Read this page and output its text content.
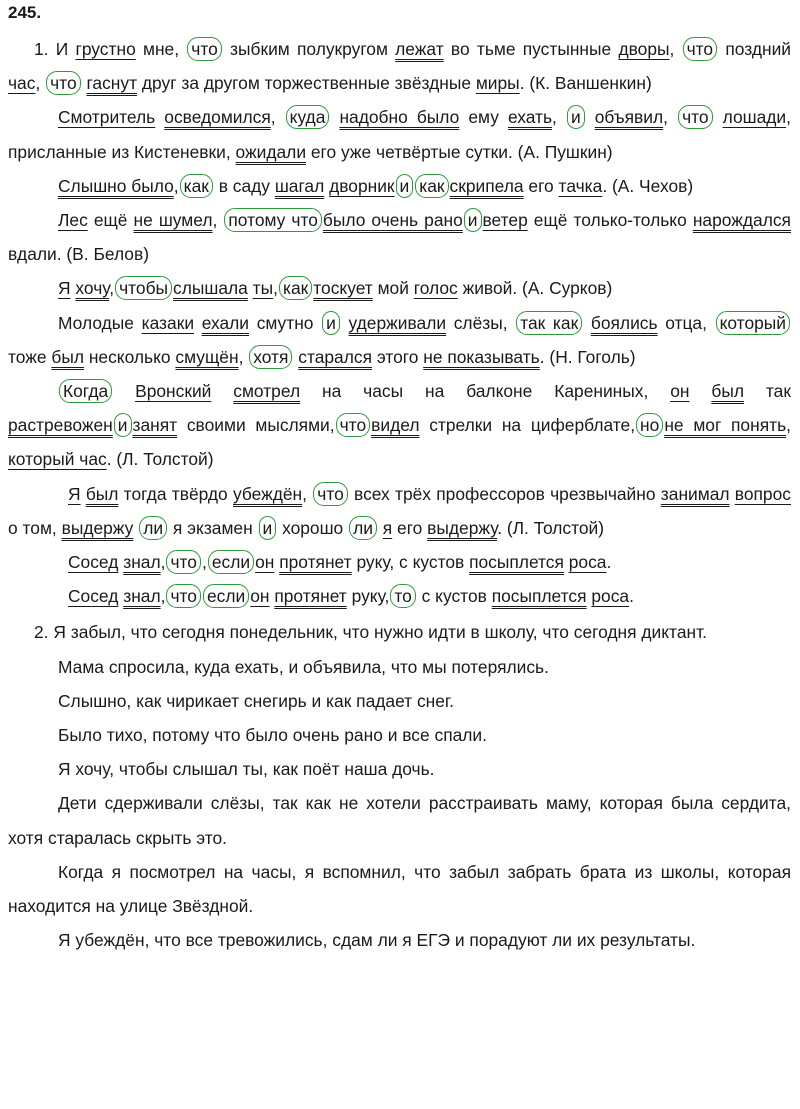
245.

1. И грустно мне, что зыбким полукругом лежат во тьме пустынные дворы, что поздний час, что гаснут друг за другом торжественные звёздные миры. (К. Ваншенкин)

Смотритель осведомился, куда надобно было ему ехать, и объявил, что лошади, присланные из Кистеневки, ожидали его уже четвёртые сутки. (А. Пушкин)

Слышно было, как в саду шагал дворник и как скрипела его тачка. (А. Чехов)

Лес ещё не шумел, потому что было очень рано и ветер ещё только-только нарождался вдали. (В. Белов)

Я хочу, чтобы слышала ты, как тоскует мой голос живой. (А. Сурков)

Молодые казаки ехали смутно и удерживали слёзы, так как боялись отца, который тоже был несколько смущён, хотя старался этого не показывать. (Н. Гоголь)

Когда Вронский смотрел на часы на балконе Карениных, он был так растревожен и занят своими мыслями, что видел стрелки на циферблате, но не мог понять, который час. (Л. Толстой)

Я был тогда твёрдо убеждён, что всех трёх профессоров чрезвычайно занимал вопрос о том, выдержу ли я экзамен и хорошо ли я его выдержу. (Л. Толстой)

Сосед знал, что , если он протянет руку, с кустов посыплется роса.

Сосед знал, что если он протянет руку, то с кустов посыплется роса.

2. Я забыл, что сегодня понедельник, что нужно идти в школу, что сегодня диктант.

Мама спросила, куда ехать, и объявила, что мы потерялись.

Слышно, как чирикает снегирь и как падает снег.

Было тихо, потому что было очень рано и все спали.

Я хочу, чтобы слышал ты, как поёт наша дочь.

Дети сдерживали слёзы, так как не хотели расстраивать маму, которая была сердита, хотя старалась скрыть это.

Когда я посмотрел на часы, я вспомнил, что забыл забрать брата из школы, которая находится на улице Звёздной.

Я убеждён, что все тревожились, сдам ли я ЕГЭ и порадуют ли их результаты.
